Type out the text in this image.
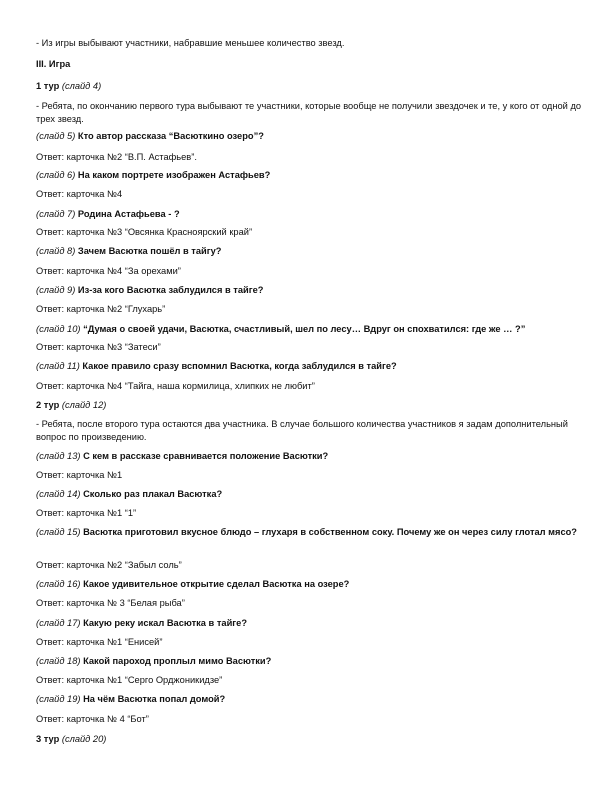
- Из игры выбывают участники, набравшие меньшее количество звезд.
III. Игра
1 тур (слайд 4)
- Ребята, по окончанию первого тура выбывают те участники, которые вообще не получили звездочек и те, у кого от одной до трех звезд.
(слайд 5) Кто автор рассказа “Васюткино озеро”?
Ответ: карточка №2 “В.П. Астафьев”.
(слайд 6) На каком портрете изображен Астафьев?
Ответ: карточка №4
(слайд 7) Родина Астафьева - ?
Ответ: карточка №3 “Овсянка Красноярский край”
(слайд 8) Зачем Васютка пошёл в тайгу?
Ответ: карточка №4 “За орехами”
(слайд 9) Из-за кого Васютка заблудился в тайге?
Ответ: карточка №2 “Глухарь”
(слайд 10) “Думая о своей удачи, Васютка, счастливый, шел по лесу… Вдруг он спохватился: где же … ?”
Ответ: карточка №3 “Затеси”
(слайд 11) Какое правило сразу вспомнил Васютка, когда заблудился в тайге?
Ответ: карточка №4 “Тайга, наша кормилица, хлипких не любит”
2 тур (слайд 12)
- Ребята, после второго тура остаются два участника. В случае большого количества участников я задам дополнительный вопрос по произведению.
(слайд 13) С кем в рассказе сравнивается положение Васютки?
Ответ: карточка №1
(слайд 14) Сколько раз плакал Васютка?
Ответ: карточка №1 “1”
(слайд 15) Васютка приготовил вкусное блюдо – глухаря в собственном соку. Почему же он через силу глотал мясо?
Ответ: карточка №2 “Забыл соль”
(слайд 16) Какое удивительное открытие сделал Васютка на озере?
Ответ: карточка № 3 “Белая рыба”
(слайд 17) Какую реку искал Васютка в тайге?
Ответ: карточка №1 “Енисей”
(слайд 18) Какой пароход проплыл мимо Васютки?
Ответ: карточка №1 “Серго Орджоникидзе”
(слайд 19) На чём Васютка попал домой?
Ответ: карточка № 4 “Бот”
3 тур (слайд 20)
